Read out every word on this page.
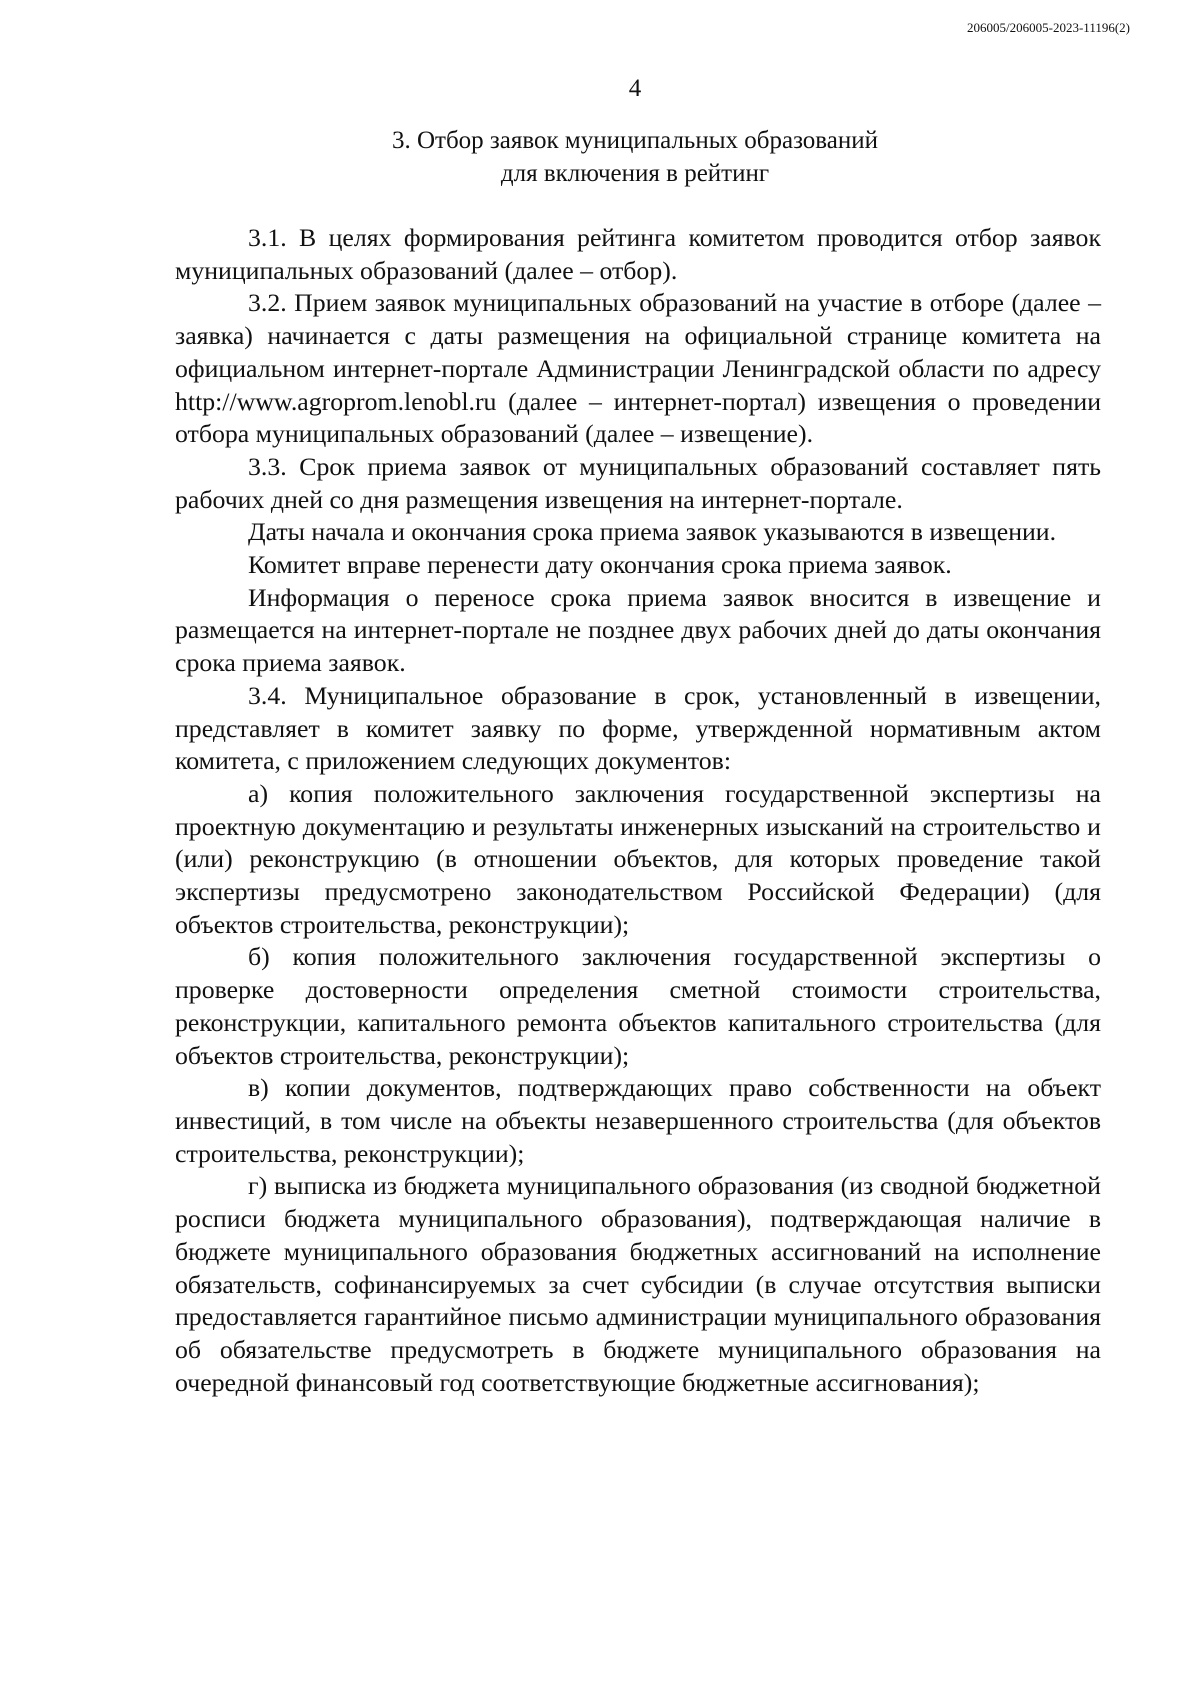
206005/206005-2023-11196(2)
4
3. Отбор заявок муниципальных образований
для включения в рейтинг

3.1. В целях формирования рейтинга комитетом проводится отбор заявок муниципальных образований (далее – отбор).

3.2. Прием заявок муниципальных образований на участие в отборе (далее – заявка) начинается с даты размещения на официальной странице комитета на официальном интернет-портале Администрации Ленинградской области по адресу http://www.agroprom.lenobl.ru (далее – интернет-портал) извещения о проведении отбора муниципальных образований (далее – извещение).

3.3. Срок приема заявок от муниципальных образований составляет пять рабочих дней со дня размещения извещения на интернет-портале.

Даты начала и окончания срока приема заявок указываются в извещении.

Комитет вправе перенести дату окончания срока приема заявок.

Информация о переносе срока приема заявок вносится в извещение и размещается на интернет-портале не позднее двух рабочих дней до даты окончания срока приема заявок.

3.4. Муниципальное образование в срок, установленный в извещении, представляет в комитет заявку по форме, утвержденной нормативным актом комитета, с приложением следующих документов:

а) копия положительного заключения государственной экспертизы на проектную документацию и результаты инженерных изысканий на строительство и (или) реконструкцию (в отношении объектов, для которых проведение такой экспертизы предусмотрено законодательством Российской Федерации) (для объектов строительства, реконструкции);

б) копия положительного заключения государственной экспертизы о проверке достоверности определения сметной стоимости строительства, реконструкции, капитального ремонта объектов капитального строительства (для объектов строительства, реконструкции);

в) копии документов, подтверждающих право собственности на объект инвестиций, в том числе на объекты незавершенного строительства (для объектов строительства, реконструкции);

г) выписка из бюджета муниципального образования (из сводной бюджетной росписи бюджета муниципального образования), подтверждающая наличие в бюджете муниципального образования бюджетных ассигнований на исполнение обязательств, софинансируемых за счет субсидии (в случае отсутствия выписки предоставляется гарантийное письмо администрации муниципального образования об обязательстве предусмотреть в бюджете муниципального образования на очередной финансовый год соответствующие бюджетные ассигнования);
